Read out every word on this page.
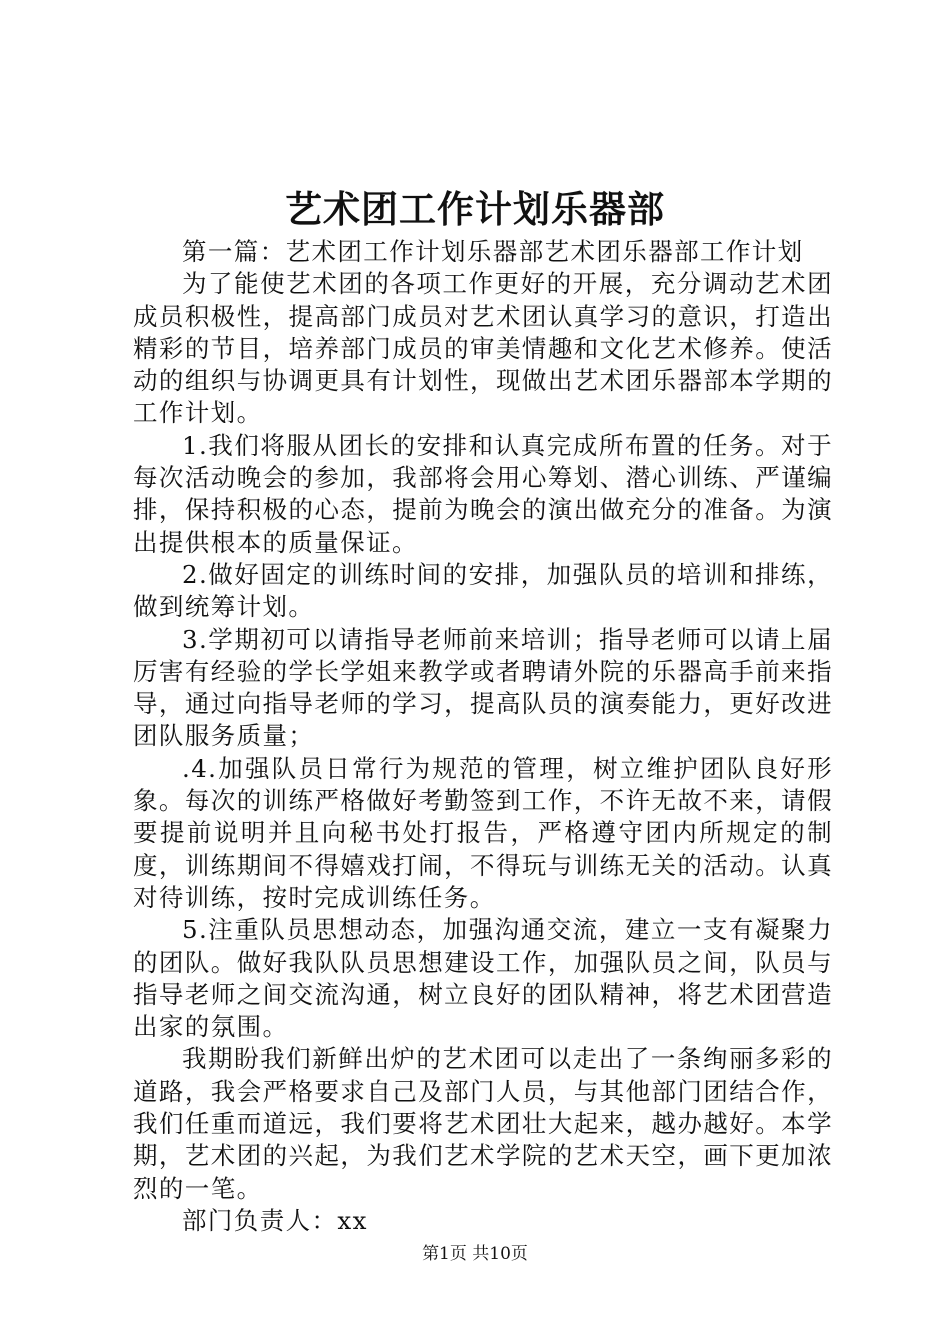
艺术团工作计划乐器部

第一篇：艺术团工作计划乐器部艺术团乐器部工作计划

为了能使艺术团的各项工作更好的开展，充分调动艺术团成员积极性，提高部门成员对艺术团认真学习的意识，打造出精彩的节目，培养部门成员的审美情趣和文化艺术修养。使活动的组织与协调更具有计划性，现做出艺术团乐器部本学期的工作计划。

1.我们将服从团长的安排和认真完成所布置的任务。对于每次活动晚会的参加，我部将会用心筹划、潜心训练、严谨编排，保持积极的心态，提前为晚会的演出做充分的准备。为演出提供根本的质量保证。

2.做好固定的训练时间的安排，加强队员的培训和排练，做到统筹计划。

3.学期初可以请指导老师前来培训；指导老师可以请上届厉害有经验的学长学姐来教学或者聘请外院的乐器高手前来指导，通过向指导老师的学习，提高队员的演奏能力，更好改进团队服务质量；

.4.加强队员日常行为规范的管理，树立维护团队良好形象。每次的训练严格做好考勤签到工作，不许无故不来，请假要提前说明并且向秘书处打报告，严格遵守团内所规定的制度，训练期间不得嬉戏打闹，不得玩与训练无关的活动。认真对待训练，按时完成训练任务。

5.注重队员思想动态，加强沟通交流，建立一支有凝聚力的团队。做好我队队员思想建设工作，加强队员之间，队员与指导老师之间交流沟通，树立良好的团队精神，将艺术团营造出家的氛围。

我期盼我们新鲜出炉的艺术团可以走出了一条绚丽多彩的道路，我会严格要求自己及部门人员，与其他部门团结合作，我们任重而道远，我们要将艺术团壮大起来，越办越好。本学期，艺术团的兴起，为我们艺术学院的艺术天空，画下更加浓烈的一笔。

部门负责人：xx

第1页 共10页
